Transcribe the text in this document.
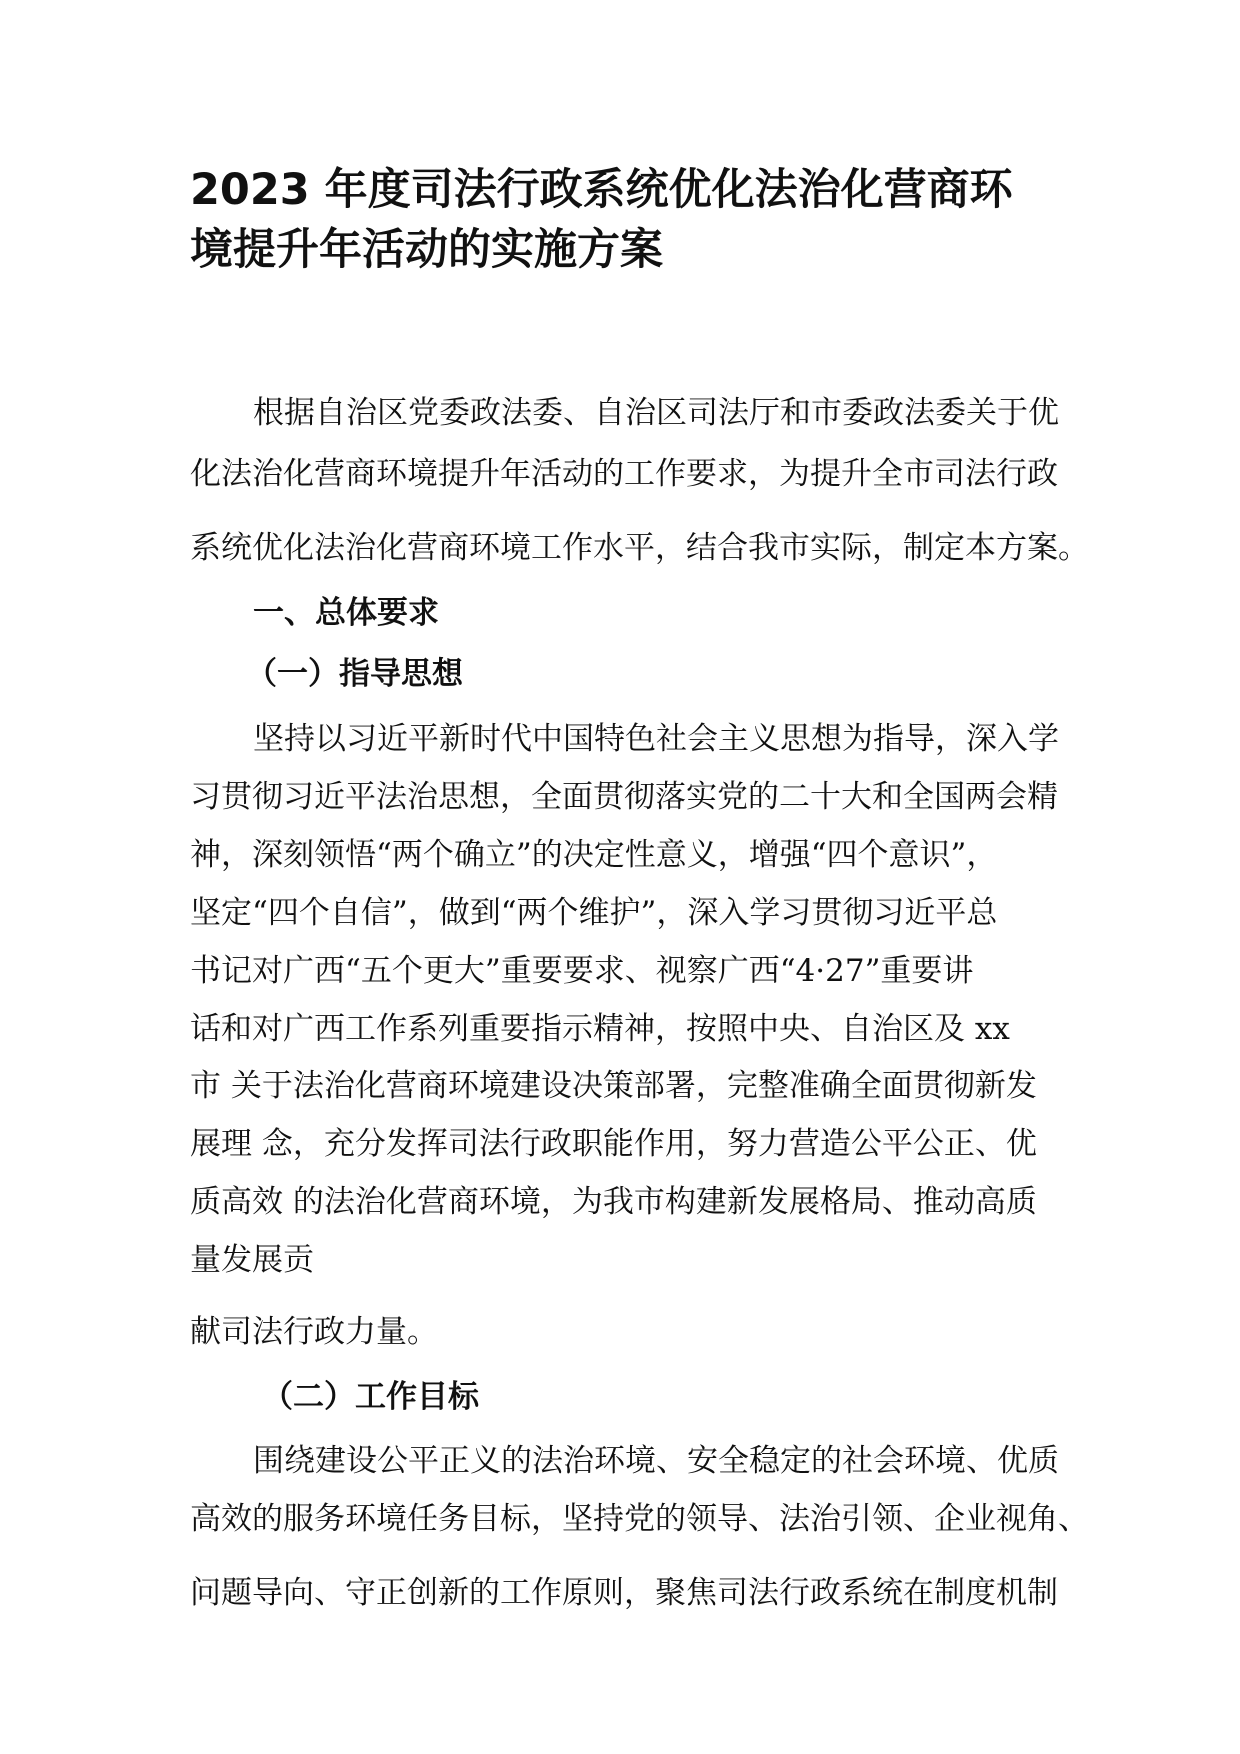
2023 年度司法行政系统优化法治化营商环
境提升年活动的实施方案

根据自治区党委政法委、自治区司法厅和市委政法委关于优

化法治化营商环境提升年活动的工作要求，为提升全市司法行政

系统优化法治化营商环境工作水平，结合我市实际，制定本方案。

一、总体要求

（一）指导思想

坚持以习近平新时代中国特色社会主义思想为指导，深入学

习贯彻习近平法治思想，全面贯彻落实党的二十大和全国两会精

神，深刻领悟“两个确立”的决定性意义，增强“四个意识”，

坚定“四个自信”，做到“两个维护”，深入学习贯彻习近平总

书记对广西“五个更大”重要要求、视察广西“4·27”重要讲

话和对广西工作系列重要指示精神，按照中央、自治区及 xx

市 关于法治化营商环境建设决策部署，完整准确全面贯彻新发

展理 念，充分发挥司法行政职能作用，努力营造公平公正、优

质高效 的法治化营商环境，为我市构建新发展格局、推动高质

量发展贡

献司法行政力量。

（二）工作目标

围绕建设公平正义的法治环境、安全稳定的社会环境、优质

高效的服务环境任务目标，坚持党的领导、法治引领、企业视角、

问题导向、守正创新的工作原则，聚焦司法行政系统在制度机制
